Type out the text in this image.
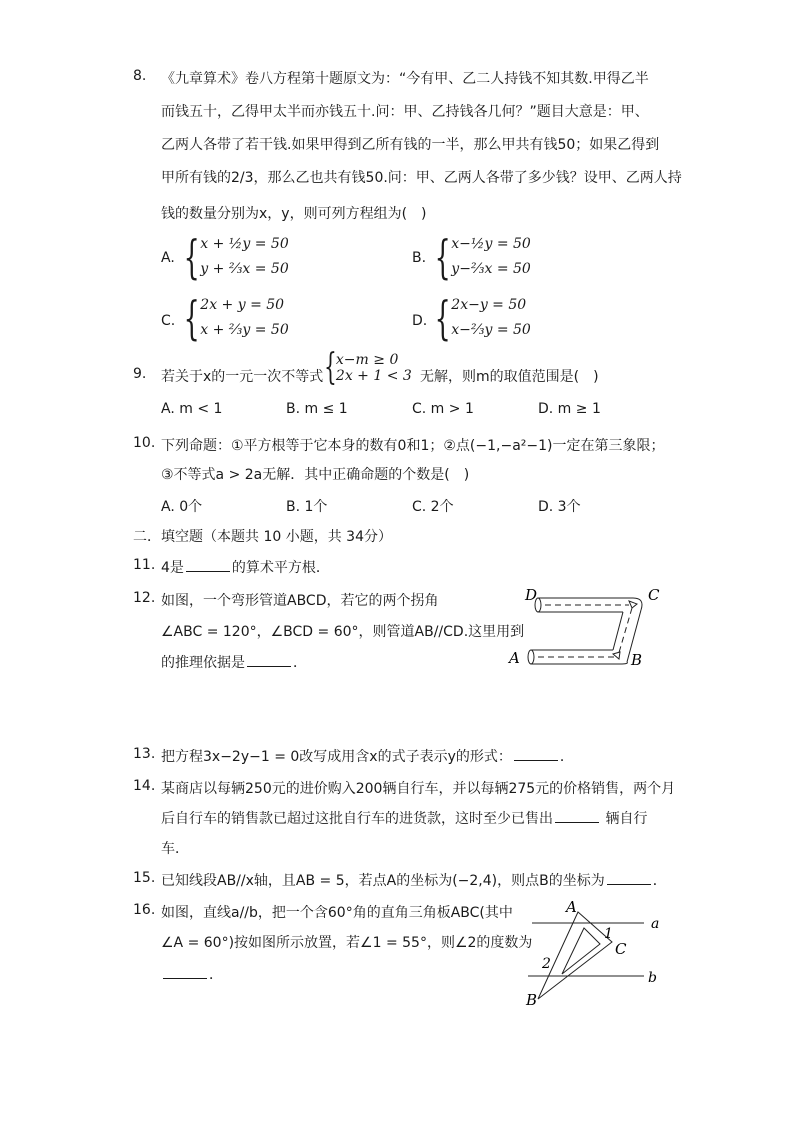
8.	《九章算术》卷八方程第十题原文为：“今有甲、乙二人持钱不知其数.甲得乙半
而钱五十，乙得甲太半而亦钱五十.问：甲、乙持钱各几何？”题目大意是：甲、
乙两人各带了若干钱.如果甲得到乙所有钱的一半，那么甲共有钱50；如果乙得到
甲所有钱的2/3，那么乙也共有钱50.问：甲、乙两人各带了多少钱？设甲、乙两人持
钱的数量分别为x，y，则可列方程组为(　)
A. { x + ½y = 50
y + ⅔x = 50
B. { x−½y = 50
y−⅔x = 50
C. { 2x + y = 50
x + ⅔y = 50
D. { 2x−y = 50
x−⅔y = 50
9.	若关于x的一元一次不等式 { x−m ≥ 0
2x + 1 < 3 无解，则m的取值范围是(　)
A. m < 1	B. m ≤ 1	C. m > 1	D. m ≥ 1
10. 下列命题：①平方根等于它本身的数有0和1；②点(−1,−a²−1)一定在第三象限；
③不等式a > 2a无解．其中正确命题的个数是(　)
A. 0个	B. 1个	C. 2个	D. 3个
二．填空题（本题共 10 小题，共 34分）
11. 4是	的算术平方根．
12. 如图，一个弯形管道ABCD，若它的两个拐角
∠ABC = 120°，∠BCD = 60°，则管道AB//CD.这里用到
的推理依据是	．
D	C
A	B
13. 把方程3x−2y−1 = 0改写成用含x的式子表示y的形式：	．
14. 某商店以每辆250元的进价购入200辆自行车，并以每辆275元的价格销售，两个月
后自行车的销售款已超过这批自行车的进货款，这时至少已售出	辆自行
车．
15. 已知线段AB//x轴，且AB = 5，若点A的坐标为(−2,4)，则点B的坐标为	．
16. 如图，直线a//b，把一个含60°角的直角三角板ABC(其中
∠A = 60°)按如图所示放置，若∠1 = 55°，则∠2的度数为
．
A
C
B
a
b
1
2
